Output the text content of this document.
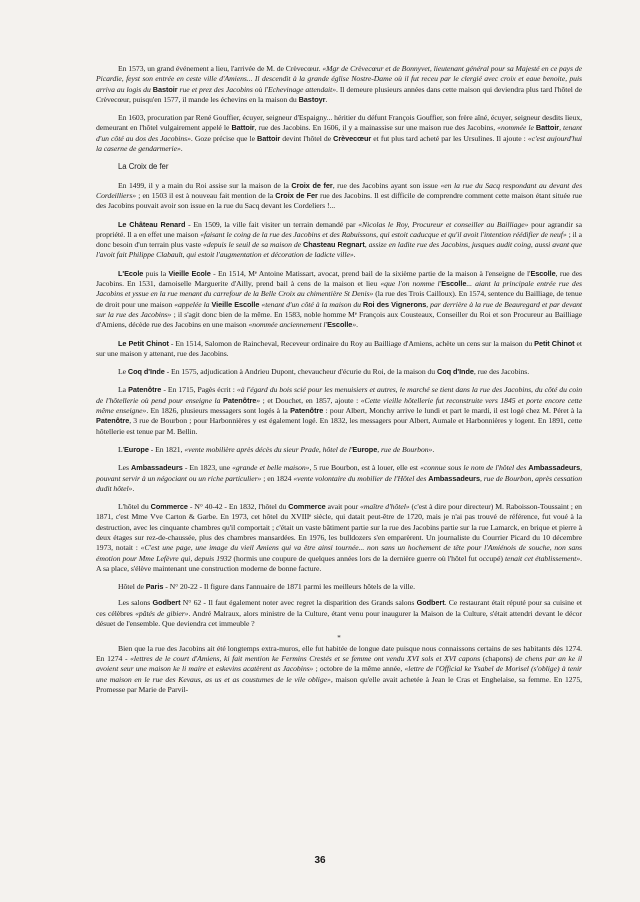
En 1573, un grand événement a lieu, l'arrivée de M. de Crèvecœur. «Mgr de Crèvecœur et de Bonnyvet, lieutenant général pour sa Majesté en ce pays de Picardie, feyst son entrée en ceste ville d'Amiens... Il descendit à la grande église Nostre-Dame où il fut receu par le clergié avec croix et eaue benoite, puis arriva au logis du Bastoir rue et prez des Jacobins où l'Echevinage attendait». Il demeure plusieurs années dans cette maison qui deviendra plus tard l'hôtel de Crèvecœur, puisqu'en 1577, il mande les échevins en la maison du Bastoyr.

En 1603, procuration par René Gouffier, écuyer, seigneur d'Espaigny... héritier du défunt François Gouffier, son frère aîné, écuyer, seigneur desdits lieux, demeurant en l'hôtel vulgairement appelé le Battoir, rue des Jacobins. En 1606, il y a mainassise sur une maison rue des Jacobins, «nommée le Battoir, tenant d'un côté au dos des Jacobins». Goze précise que le Battoir devint l'hôtel de Crèvecœur et fut plus tard acheté par les Ursulines. Il ajoute : «c'est aujourd'hui la caserne de gendarmerie».

La Croix de fer

En 1499, il y a main du Roi assise sur la maison de la Croix de fer, rue des Jacobins ayant son issue «en la rue du Sacq respondant au devant des Cordeilliers» ; en 1503 il est à nouveau fait mention de la Croix de Fer rue des Jacobins. Il est difficile de comprendre comment cette maison étant située rue des Jacobins pouvait avoir son issue en la rue du Sacq devant les Cordeliers !...

Le Château Renard - En 1509, la ville fait visiter un terrain demandé par «Nicolas le Roy, Procureur et conseiller au Bailliage» pour agrandir sa propriété. Il a en effet une maison «faisant le coing de la rue des Jacobins et des Rabuissons, qui estoit caducque et qu'il avoit l'intention réédifier de neuf» ; il a donc besoin d'un terrain plus vaste «depuis le seuil de sa maison de Chasteau Regnart, assize en ladite rue des Jacobins, jusques audit coing, aussi avant que l'avoit fait Philippe Clabault, qui estoit l'augmentation et décoration de ladicte ville».

L'Ecole puis la Vieille Ecole - En 1514, Mᵉ Antoine Matissart, avocat, prend bail de la sixième partie de la maison à l'enseigne de l'Escolle, rue des Jacobins. En 1531, damoiselle Marguerite d'Ailly, prend bail à cens de la maison et lieu «que l'on nomme l'Escolle... aiant la principale entrée rue des Jacobins et yssue en la rue menant du carrefour de la Belle Croix au chimentière St Denis» (la rue des Trois Cailloux). En 1574, sentence du Bailliage, de tenue de droit pour une maison «appelée la Vieille Escolle «tenant d'un côté à la maison du Roi des Vignerons, par derrière à la rue de Beauregard et par devant sur la rue des Jacobins» ; il s'agit donc bien de la même. En 1583, noble homme Mᵉ François aux Cousteaux, Conseiller du Roi et son Procureur au Bailliage d'Amiens, décède rue des Jacobins en une maison «nommée anciennement l'Escolle».

Le Petit Chinot - En 1514, Salomon de Raincheval, Receveur ordinaire du Roy au Bailliage d'Amiens, achète un cens sur la maison du Petit Chinot et sur une maison y attenant, rue des Jacobins.

Le Coq d'Inde - En 1575, adjudication à Andrieu Dupont, chevaucheur d'écurie du Roi, de la maison du Coq d'Inde, rue des Jacobins.

La Patenôtre - En 1715, Pagès écrit : «à l'égard du bois scié pour les menuisiers et autres, le marché se tient dans la rue des Jacobins, du côté du coin de l'hôtellerie où pend pour enseigne la Patenôtre» ; et Douchet, en 1857, ajoute : «Cette vieille hôtellerie fut reconstruite vers 1845 et porte encore cette même enseigne». En 1826, plusieurs messagers sont logés à la Patenôtre : pour Albert, Monchy arrive le lundi et part le mardi, il est logé chez M. Péret à la Patenôtre, 3 rue de Bourbon ; pour Harbonnières y est également logé. En 1832, les messagers pour Albert, Aumale et Harbonnières y logent. En 1891, cette hôtellerie est tenue par M. Bellin.

L'Europe - En 1821, «vente mobilière après décès du sieur Prade, hôtel de l'Europe, rue de Bourbon».

Les Ambassadeurs - En 1823, une «grande et belle maison», 5 rue Bourbon, est à louer, elle est «connue sous le nom de l'hôtel des Ambassadeurs, pouvant servir à un négociant ou un riche particulier» ; en 1824 «vente volontaire du mobilier de l'Hôtel des Ambassadeurs, rue de Bourbon, après cessation dudit hôtel».

L'hôtel du Commerce - N° 40-42 - En 1832, l'hôtel du Commerce avait pour «maître d'hôtel» (c'est à dire pour directeur) M. Raboisson-Toussaint ; en 1871, c'est Mme Vve Carton & Garbe. En 1973, cet hôtel du XVIIIᵉ siècle, qui datait peut-être de 1720, mais je n'ai pas trouvé de référence, fut voué à la destruction, avec les cinquante chambres qu'il comportait ; c'était un vaste bâtiment partie sur la rue des Jacobins partie sur la rue Lamarck, en brique et pierre à deux étages sur rez-de-chaussée, plus des chambres mansardées. En 1976, les bulldozers s'en emparèrent. Un journaliste du Courrier Picard du 10 décembre 1973, notait : «C'est une page, une image du vieil Amiens qui va être ainsi tournée... non sans un hochement de tête pour l'Amiénois de souche, non sans émotion pour Mme Lefèvre qui, depuis 1932 (hormis une coupure de quelques années lors de la dernière guerre où l'hôtel fut occupé) tenait cet établissement». A sa place, s'élève maintenant une construction moderne de bonne facture.

Hôtel de Paris - N° 20-22 - Il figure dans l'annuaire de 1871 parmi les meilleurs hôtels de la ville.

Les salons Godbert N° 62 - Il faut également noter avec regret la disparition des Grands salons Godbert. Ce restaurant était réputé pour sa cuisine et ces célèbres «pâtés de gibier». André Malraux, alors ministre de la Culture, étant venu pour inaugurer la Maison de la Culture, s'était attendri devant le décor désuet de l'ensemble. Que deviendra cet immeuble ?

*

Bien que la rue des Jacobins ait été longtemps extra-muros, elle fut habitée de longue date puisque nous connaissons certains de ses habitants dès 1274. En 1274 - «lettres de le court d'Amiens, ki fait mention ke Fermins Crestés et se femme ont vendu XVI sols et XVI capons (chapons) de chens par an ke il avoient seur une maison ke li maire et eskevins acatèrent as Jacobins» ; octobre de la même année, «lettre de l'Official ke Ysabel de Morisel (s'oblige) à tenir une maison en le rue des Kevaus, as us et as coustumes de le vile oblige», maison qu'elle avait achetée à Jean le Cras et Enghelaise, sa femme. En 1275, Promesse par Marie de Parvil-

36
